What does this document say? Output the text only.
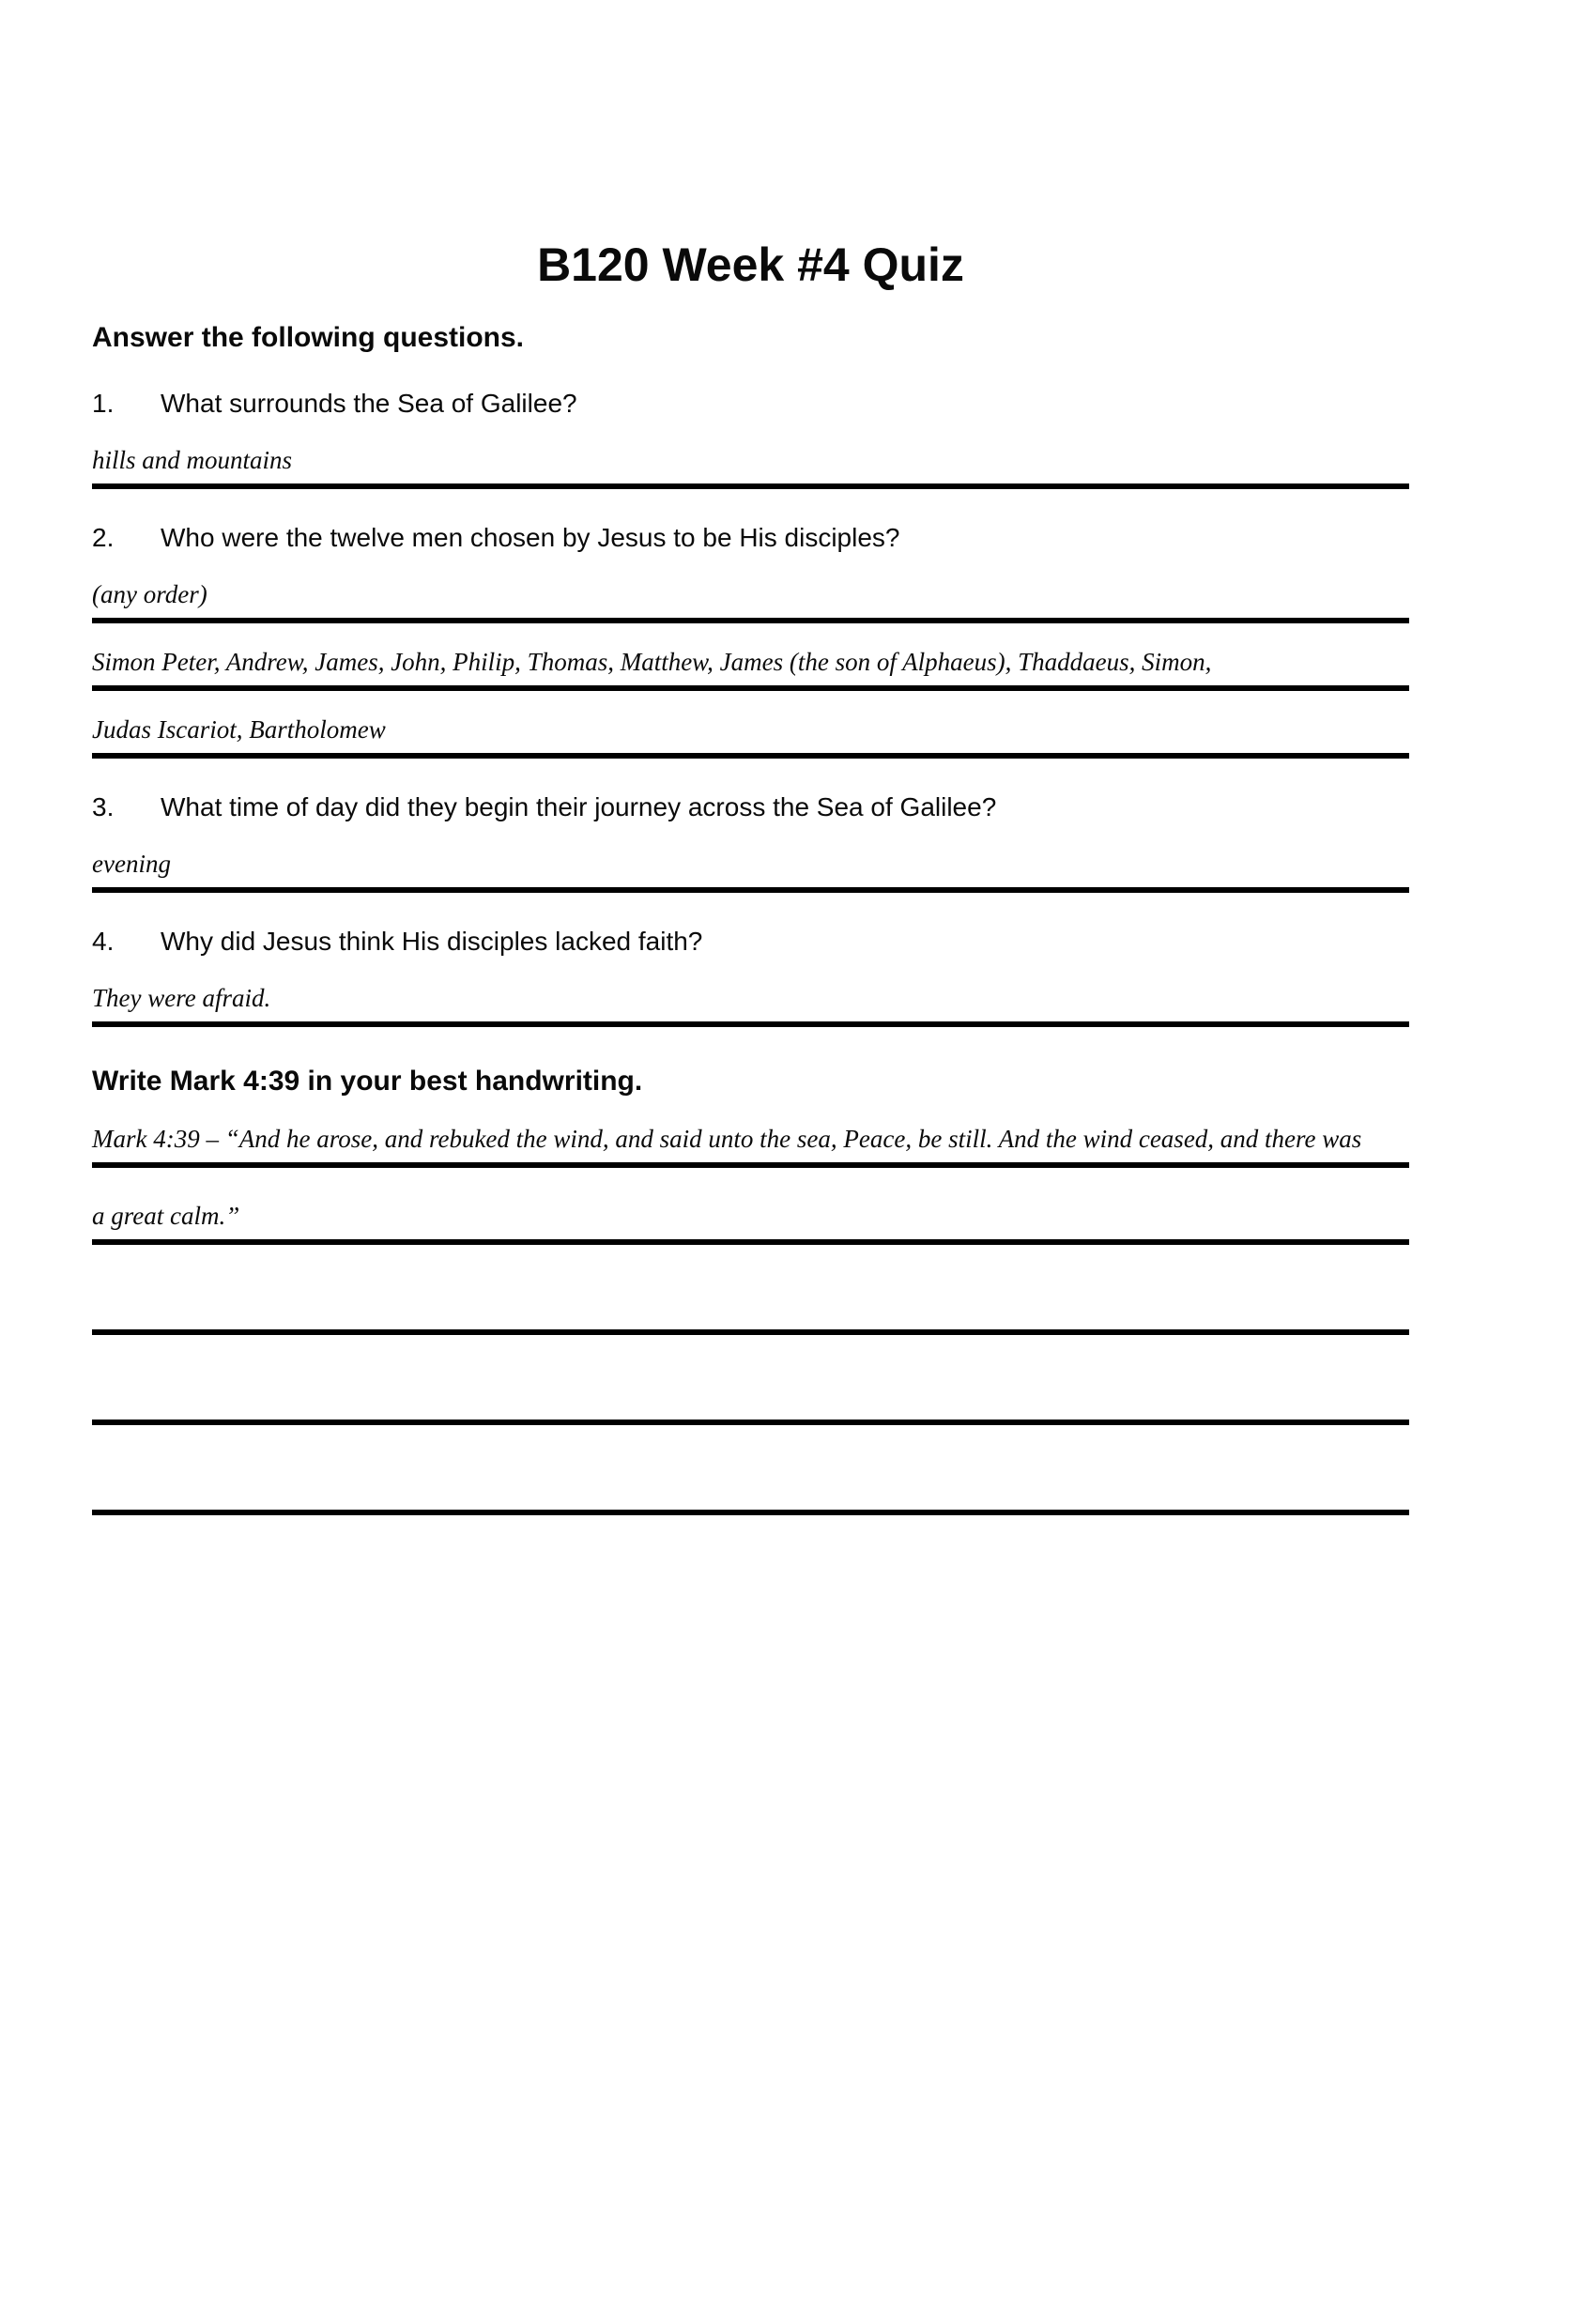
B120 Week #4 Quiz
Answer the following questions.
1. What surrounds the Sea of Galilee?
hills and mountains
2. Who were the twelve men chosen by Jesus to be His disciples?
(any order)
Simon Peter, Andrew, James, John, Philip, Thomas, Matthew, James (the son of Alphaeus), Thaddaeus, Simon,
Judas Iscariot, Bartholomew
3. What time of day did they begin their journey across the Sea of Galilee?
evening
4. Why did Jesus think His disciples lacked faith?
They were afraid.
Write Mark 4:39 in your best handwriting.
Mark 4:39 – “And he arose, and rebuked the wind, and said unto the sea, Peace, be still. And the wind ceased, and there was
a great calm.”
